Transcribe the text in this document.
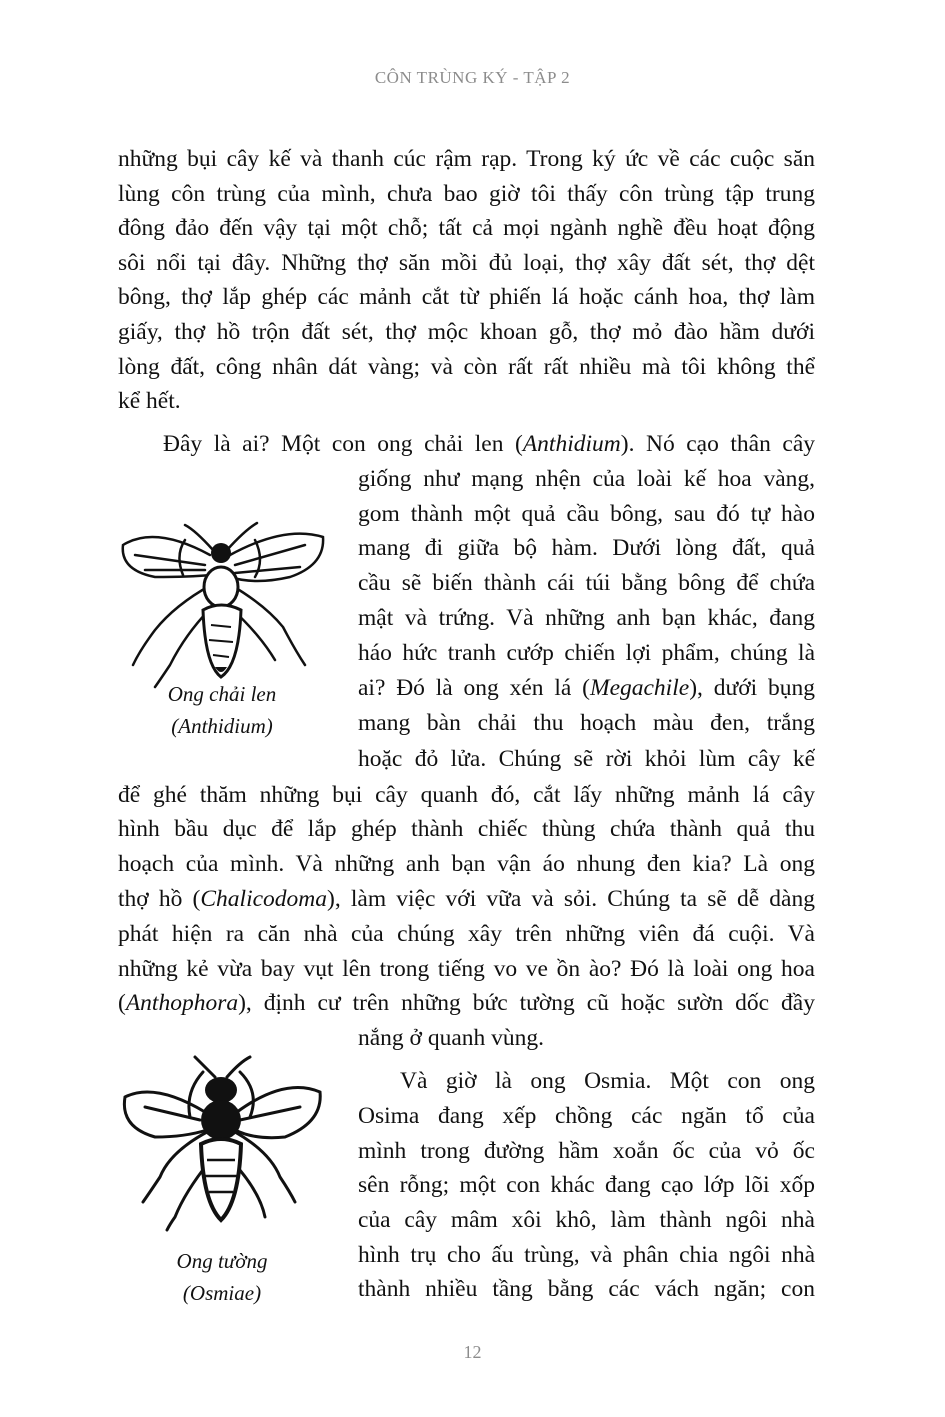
CÔN TRÙNG KÝ - TẬP 2
những bụi cây kế và thanh cúc rậm rạp. Trong ký ức về các cuộc săn
lùng côn trùng của mình, chưa bao giờ tôi thấy côn trùng tập trung
đông đảo đến vậy tại một chỗ; tất cả mọi ngành nghề đều hoạt động
sôi nổi tại đây. Những thợ săn mồi đủ loại, thợ xây đất sét, thợ dệt
bông, thợ lắp ghép các mảnh cắt từ phiến lá hoặc cánh hoa, thợ làm
giấy, thợ hồ trộn đất sét, thợ mộc khoan gỗ, thợ mỏ đào hầm dưới
lòng đất, công nhân dát vàng; và còn rất rất nhiều mà tôi không thể
kể hết.
Đây là ai? Một con ong chải len (Anthidium). Nó cạo thân cây
giống như mạng nhện của loài kế hoa vàng,
gom thành một quả cầu bông, sau đó tự hào
mang đi giữa bộ hàm. Dưới lòng đất, quả
cầu sẽ biến thành cái túi bằng bông để chứa
mật và trứng. Và những anh bạn khác, đang
háo hức tranh cướp chiến lợi phẩm, chúng là
ai? Đó là ong xén lá (Megachile), dưới bụng
mang bàn chải thu hoạch màu đen, trắng
hoặc đỏ lửa. Chúng sẽ rời khỏi lùm cây kế
để ghé thăm những bụi cây quanh đó, cắt lấy những mảnh lá cây
hình bầu dục để lắp ghép thành chiếc thùng chứa thành quả thu
hoạch của mình. Và những anh bạn vận áo nhung đen kia? Là ong
thợ hồ (Chalicodoma), làm việc với vữa và sỏi. Chúng ta sẽ dễ dàng
phát hiện ra căn nhà của chúng xây trên những viên đá cuội. Và
những kẻ vừa bay vụt lên trong tiếng vo ve ồn ào? Đó là loài ong hoa
(Anthophora), định cư trên những bức tường cũ hoặc sườn dốc đầy
nắng ở quanh vùng.
Và giờ là ong Osmia. Một con ong
Osima đang xếp chồng các ngăn tổ của
mình trong đường hầm xoắn ốc của vỏ ốc
sên rỗng; một con khác đang cạo lớp lõi xốp
của cây mâm xôi khô, làm thành ngôi nhà
hình trụ cho ấu trùng, và phân chia ngôi nhà
thành nhiều tầng bằng các vách ngăn; con
Ong chải len
(Anthidium)
Ong tường
(Osmiae)
12
